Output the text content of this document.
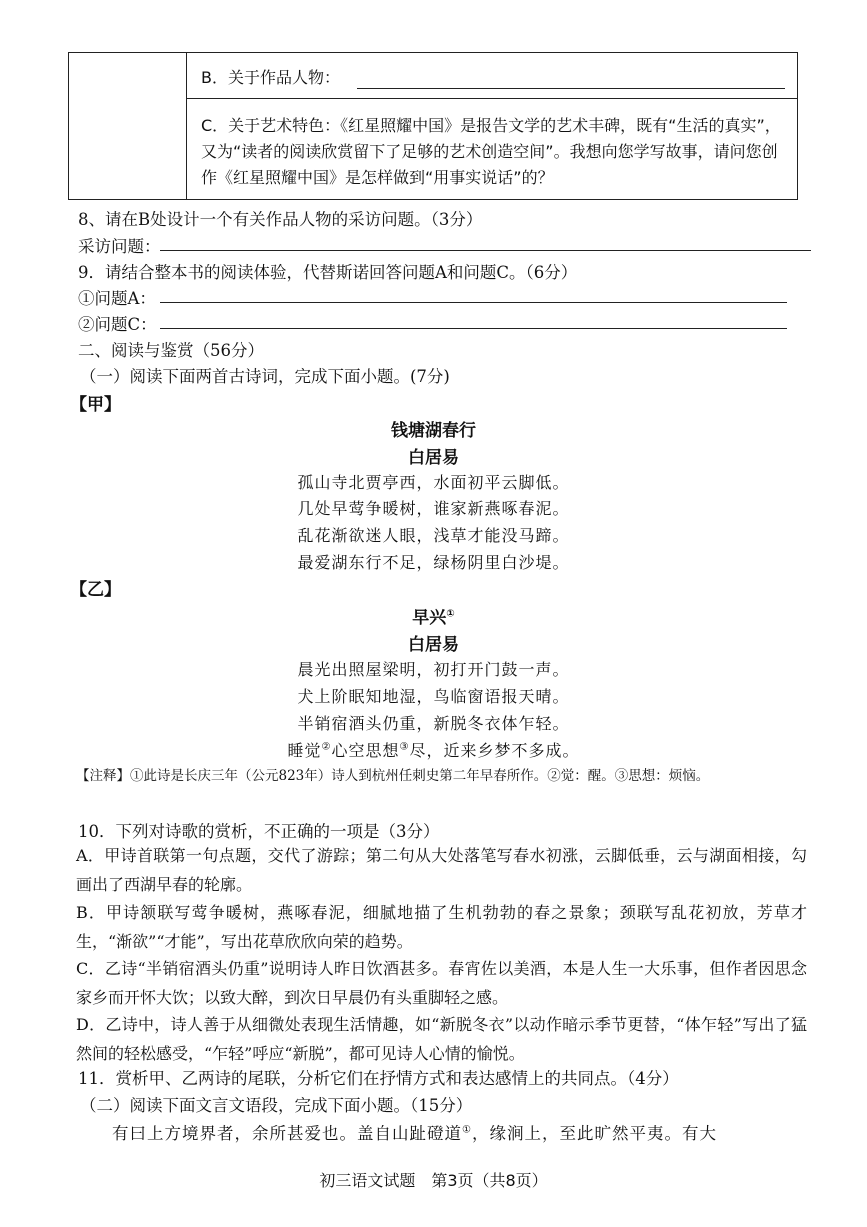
B．关于作品人物：
C．关于艺术特色：《红星照耀中国》是报告文学的艺术丰碑，既有“生活的真实”，又为“读者的阅读欣赏留下了足够的艺术创造空间”。我想向您学写故事，请问您创作《红星照耀中国》是怎样做到“用事实说话”的？
8、请在B处设计一个有关作品人物的采访问题。（3分）
采访问题：
9．请结合整本书的阅读体验，代替斯诺回答问题A和问题C。（6分）
①问题A：
②问题C：
二、阅读与鉴赏（56分）
（一）阅读下面两首古诗词，完成下面小题。(7分)
【甲】
钱塘湖春行
白居易
孤山寺北贾亭西，水面初平云脚低。
几处早莺争暖树，谁家新燕啄春泥。
乱花渐欲迷人眼，浅草才能没马蹄。
最爱湖东行不足，绿杨阴里白沙堤。
【乙】
早兴①
白居易
晨光出照屋梁明，初打开门鼓一声。
犬上阶眠知地湿，鸟临窗语报天晴。
半销宿酒头仍重，新脱冬衣体乍轻。
睡觉②心空思想③尽，近来乡梦不多成。
【注释】①此诗是长庆三年（公元823年）诗人到杭州任刺史第二年早春所作。②觉：醒。③思想：烦恼。
10．下列对诗歌的赏析，不正确的一项是（3分）
A．甲诗首联第一句点题，交代了游踪；第二句从大处落笔写春水初涨，云脚低垂，云与湖面相接，勾画出了西湖早春的轮廓。
B．甲诗颔联写莺争暖树，燕啄春泥，细腻地描了生机勃勃的春之景象；颈联写乱花初放，芳草才生，“渐欲”“才能”，写出花草欣欣向荣的趋势。
C．乙诗“半销宿酒头仍重”说明诗人昨日饮酒甚多。春宵佐以美酒，本是人生一大乐事，但作者因思念家乡而开怀大饮；以致大醉，到次日早晨仍有头重脚轻之感。
D．乙诗中，诗人善于从细微处表现生活情趣，如“新脱冬衣”以动作暗示季节更替，“体乍轻”写出了猛然间的轻松感受，“乍轻”呼应“新脱”，都可见诗人心情的愉悦。
11．赏析甲、乙两诗的尾联，分析它们在抒情方式和表达感情上的共同点。（4分）
（二）阅读下面文言文语段，完成下面小题。（15分）
有曰上方境界者，余所甚爱也。盖自山趾磴道①，缘涧上，至此旷然平夷。有大
初三语文试题　第3页（共8页）
